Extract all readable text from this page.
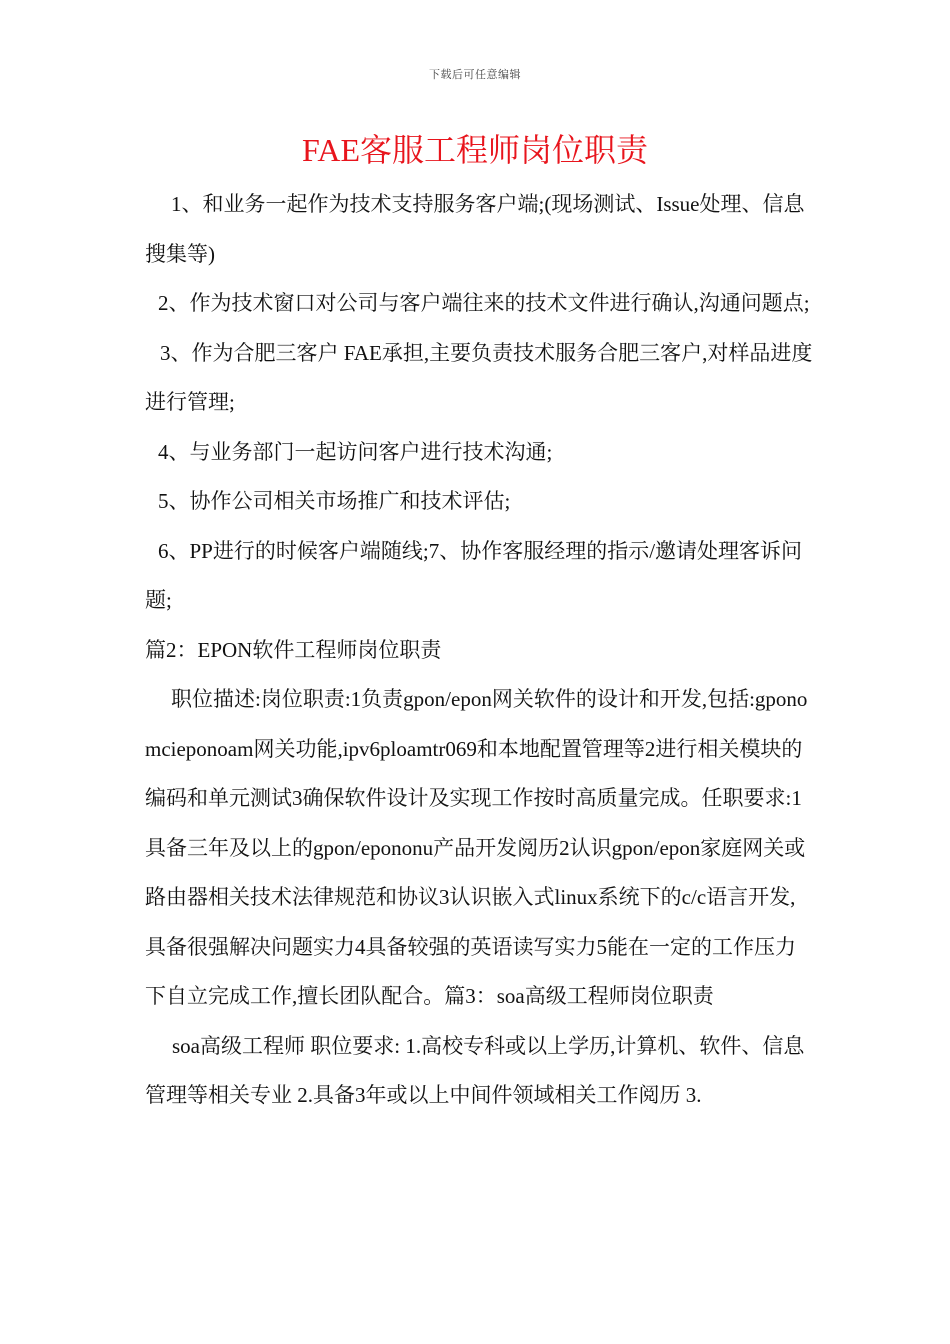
下载后可任意编辑
FAE客服工程师岗位职责

1、和业务一起作为技术支持服务客户端;(现场测试、Issue处理、信息搜集等)

2、作为技术窗口对公司与客户端往来的技术文件进行确认,沟通问题点;

3、作为合肥三客户 FAE承担,主要负责技术服务合肥三客户,对样品进度进行管理;

4、与业务部门一起访问客户进行技术沟通;

5、协作公司相关市场推广和技术评估;

6、PP进行的时候客户端随线;7、协作客服经理的指示/邀请处理客诉问题;

篇2：EPON软件工程师岗位职责

职位描述:岗位职责:1负责gpon/epon网关软件的设计和开发,包括:gponomcieponoam网关功能,ipv6ploamtr069和本地配置管理等2进行相关模块的编码和单元测试3确保软件设计及实现工作按时高质量完成。任职要求:1具备三年及以上的gpon/epononu产品开发阅历2认识gpon/epon家庭网关或路由器相关技术法律规范和协议3认识嵌入式linux系统下的c/c语言开发,具备很强解决问题实力4具备较强的英语读写实力5能在一定的工作压力下自立完成工作,擅长团队配合。篇3：soa高级工程师岗位职责

soa高级工程师 职位要求: 1.高校专科或以上学历,计算机、软件、信息管理等相关专业 2.具备3年或以上中间件领域相关工作阅历 3.
